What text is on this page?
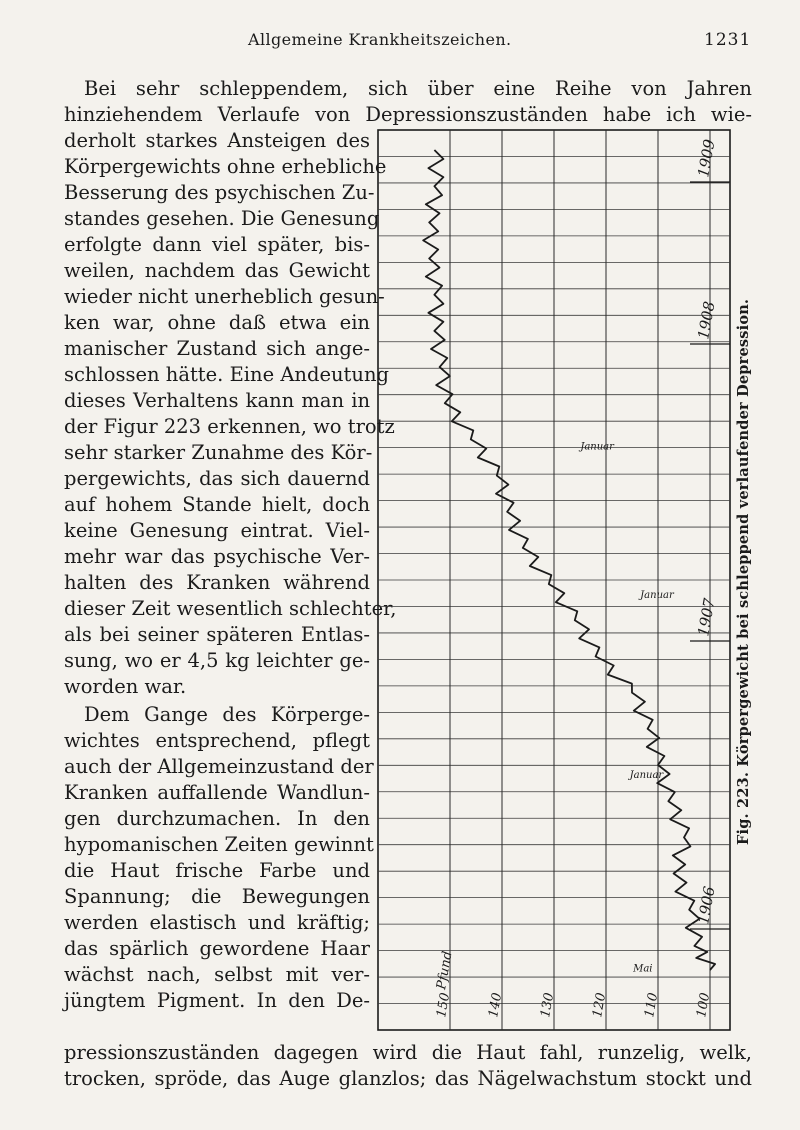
Allgemeine Krankheitszeichen.	1231
Bei sehr schleppendem, sich über eine Reihe von Jahren
hinziehendem Verlaufe von Depressionszuständen habe ich wie-
derholt starkes Ansteigen des
Körpergewichts ohne erhebliche
Besserung des psychischen Zu-
standes gesehen. Die Genesung
erfolgte dann viel später, bis-
weilen, nachdem das Gewicht
wieder nicht unerheblich gesun-
ken war, ohne daß etwa ein
manischer Zustand sich ange-
schlossen hätte. Eine Andeutung
dieses Verhaltens kann man in
der Figur 223 erkennen, wo trotz
sehr starker Zunahme des Kör-
pergewichts, das sich dauernd
auf hohem Stande hielt, doch
keine Genesung eintrat. Viel-
mehr war das psychische Ver-
halten des Kranken während
dieser Zeit wesentlich schlechter,
als bei seiner späteren Entlas-
sung, wo er 4,5 kg leichter ge-
worden war.
Dem Gange des Körperge-
wichtes entsprechend, pflegt
auch der Allgemeinzustand der
Kranken auffallende Wandlun-
gen durchzumachen. In den
hypomanischen Zeiten gewinnt
die Haut frische Farbe und
Spannung; die Bewegungen
werden elastisch und kräftig;
das spärlich gewordene Haar
wächst nach, selbst mit ver-
jüngtem Pigment. In den De-
pressionszuständen dagegen wird die Haut fahl, runzelig, welk,
trocken, spröde, das Auge glanzlos; das Nägelwachstum stockt und
1909
1908
1907
1906
Januar
Januar
Januar
Mai
150	140	130	120	110	100
Pfund
Fig. 223. Körpergewicht bei schleppend verlaufender Depression.
